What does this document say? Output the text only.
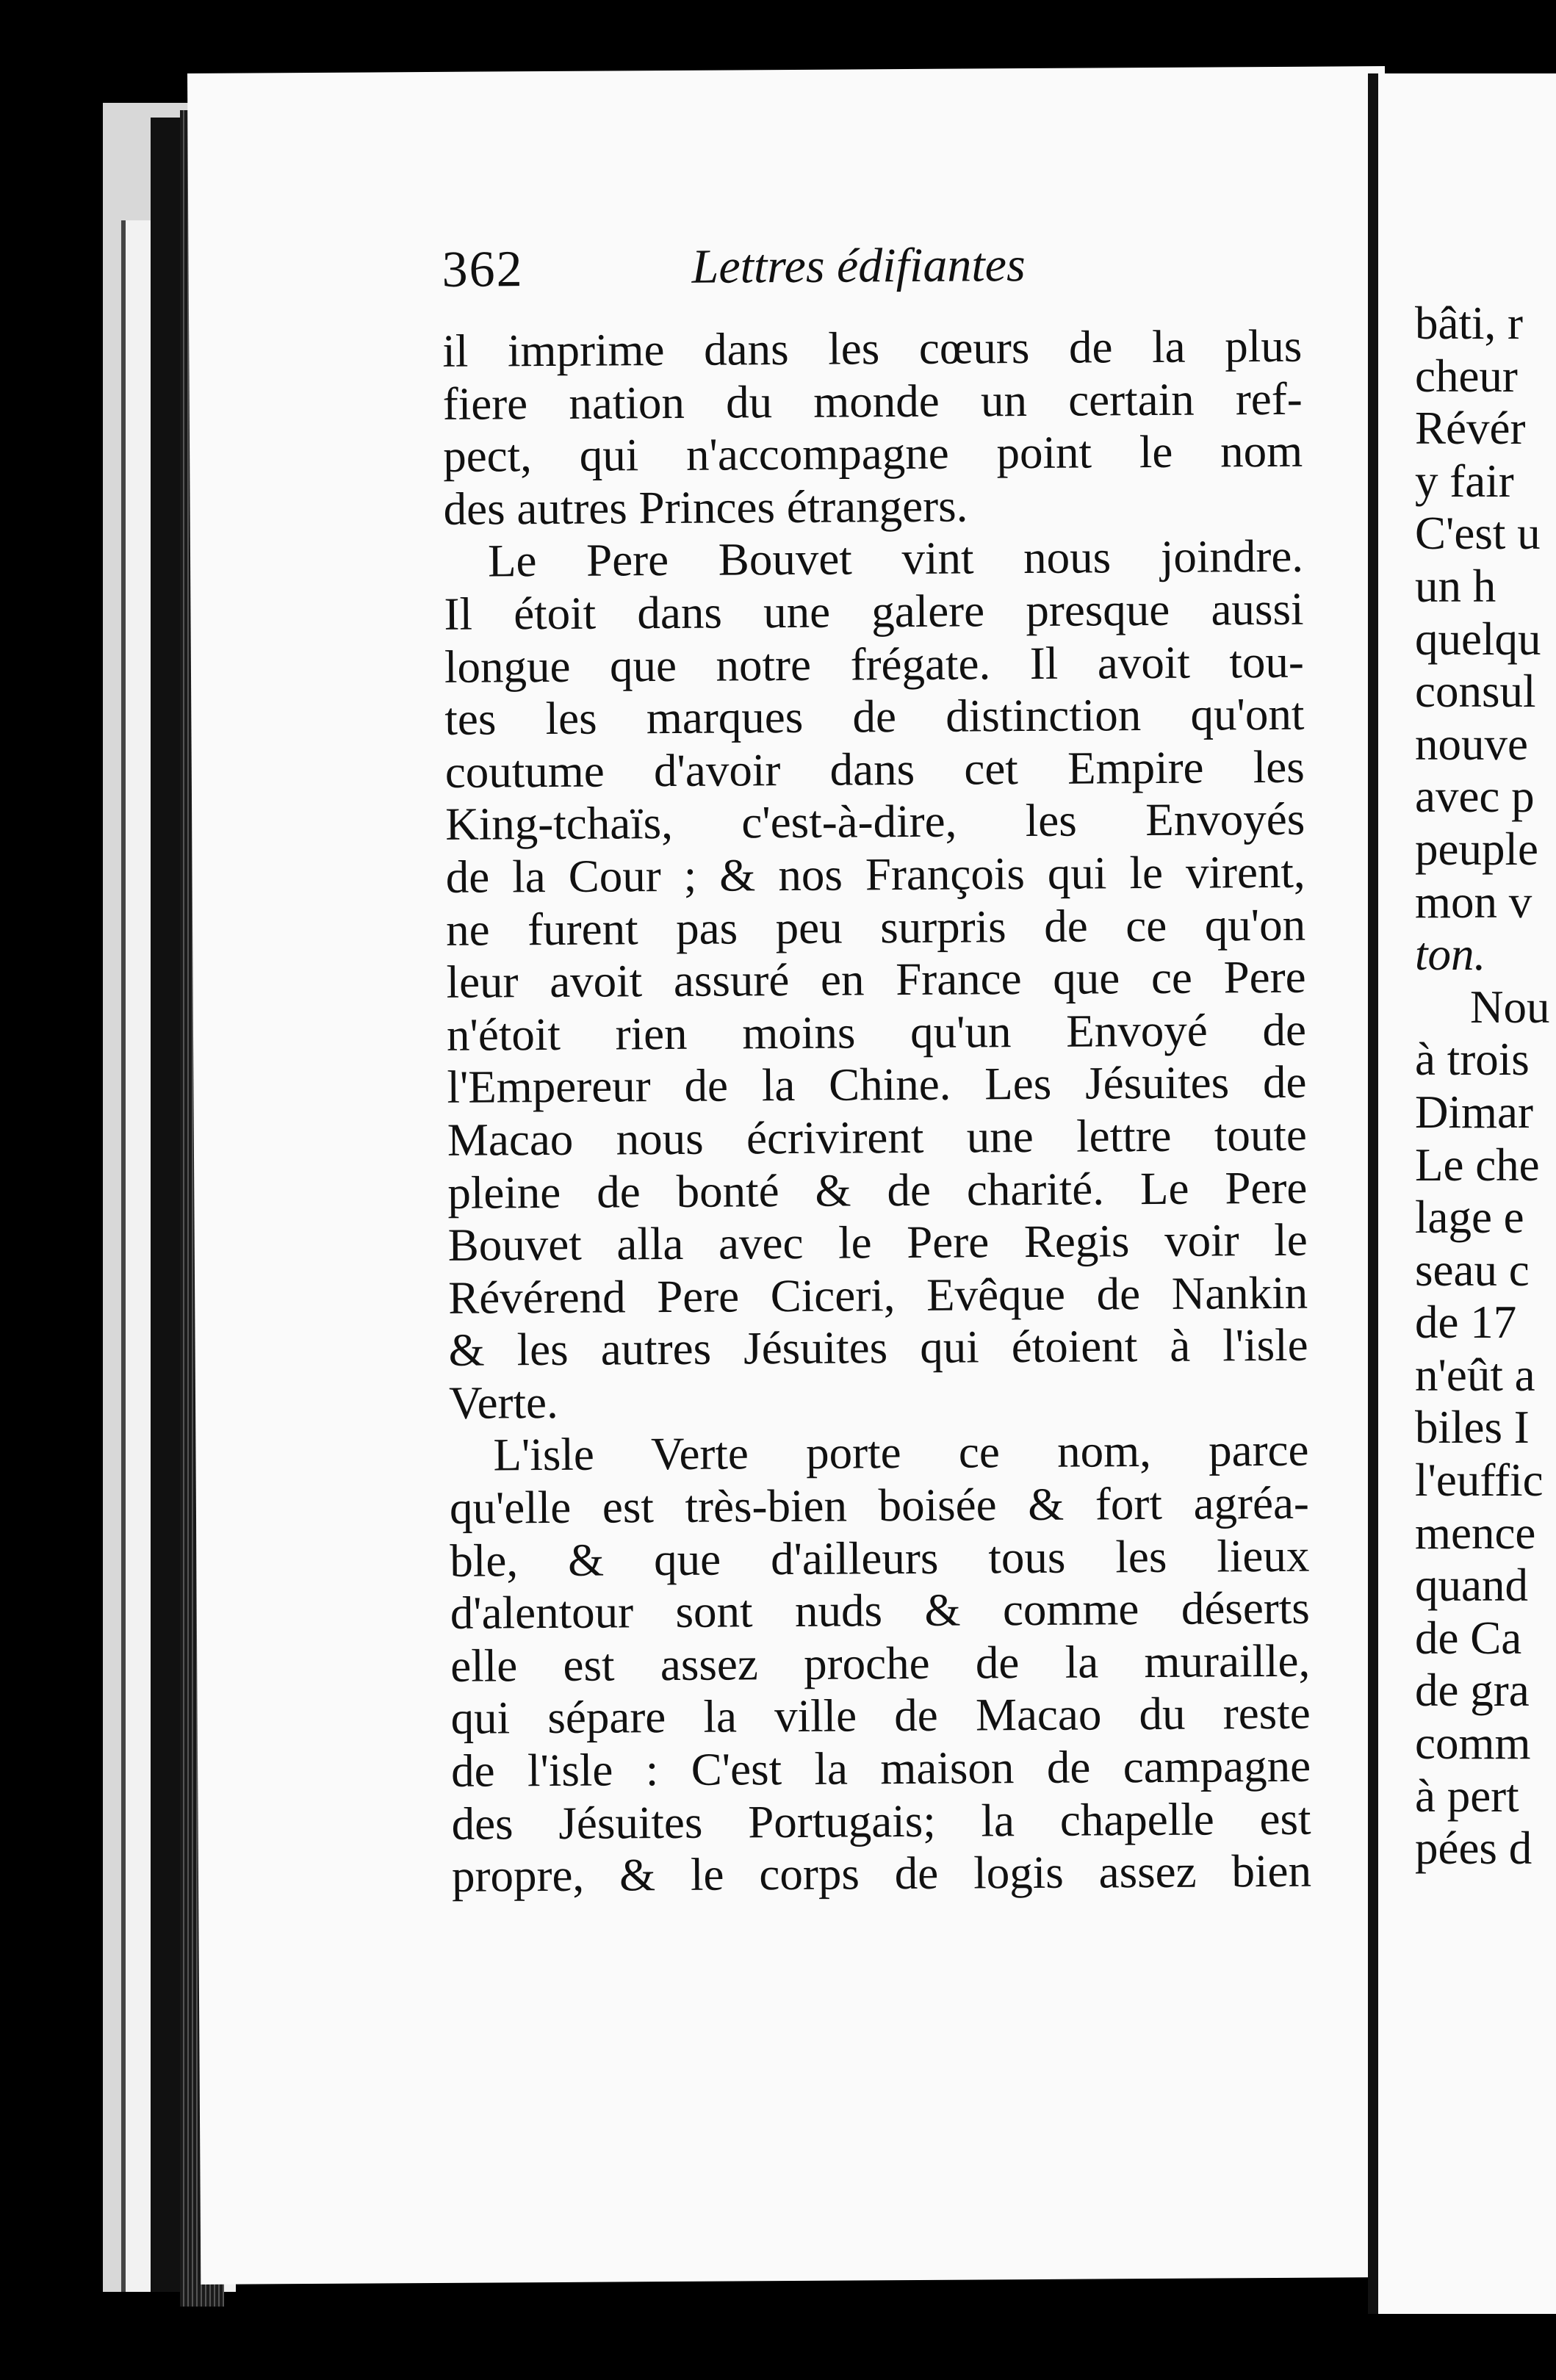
362	Lettres édifiantes
il imprime dans les cœurs de la plus
fiere nation du monde un certain ref-
pect, qui n'accompagne point le nom
des autres Princes étrangers.
Le Pere Bouvet vint nous joindre.
Il étoit dans une galere presque aussi
longue que notre frégate. Il avoit tou-
tes les marques de distinction qu'ont
coutume d'avoir dans cet Empire les
King-tchaïs, c'est-à-dire, les Envoyés
de la Cour ; & nos François qui le virent,
ne furent pas peu surpris de ce qu'on
leur avoit assuré en France que ce Pere
n'étoit rien moins qu'un Envoyé de
l'Empereur de la Chine. Les Jésuites de
Macao nous écrivirent une lettre toute
pleine de bonté & de charité. Le Pere
Bouvet alla avec le Pere Regis voir le
Révérend Pere Ciceri, Evêque de Nankin
& les autres Jésuites qui étoient à l'isle
Verte.
L'isle Verte porte ce nom, parce
qu'elle est très-bien boisée & fort agréa-
ble, & que d'ailleurs tous les lieux
d'alentour sont nuds & comme déserts
elle est assez proche de la muraille,
qui sépare la ville de Macao du reste
de l'isle : C'est la maison de campagne
des Jésuites Portugais; la chapelle est
propre, & le corps de logis assez bien
bâti, r
cheur
Révér
y fair
C'est u
un h
quelqu
consul
nouve
avec p
peuple
mon v
ton.
Nou
à trois
Dimar
Le che
lage e
seau c
de 17
n'eût a
biles I
l'euffic
mence
quand
de Ca
de gra
comm
à pert
pées d
